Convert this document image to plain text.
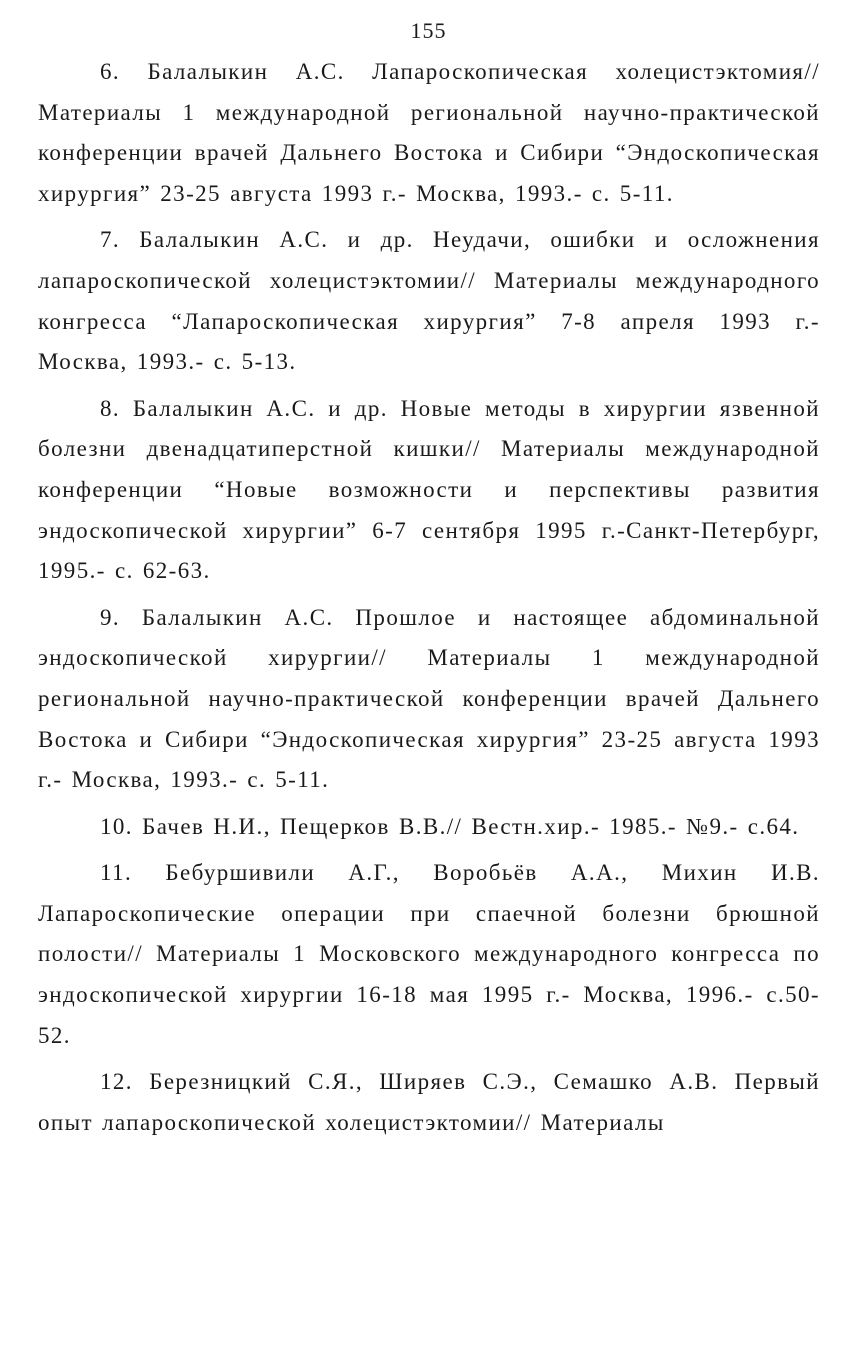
155

6. Балалыкин А.С. Лапароскопическая холецистэктомия// Материалы 1 международной региональной научно-практической конференции врачей Дальнего Востока и Сибири “Эндоскопическая хирургия” 23-25 августа 1993 г.- Москва, 1993.- с. 5-11.

7. Балалыкин А.С. и др. Неудачи, ошибки и осложнения лапароскопической холецистэктомии// Материалы международного конгресса “Лапароскопическая хирургия” 7-8 апреля 1993 г.- Москва, 1993.- с. 5-13.

8. Балалыкин А.С. и др. Новые методы в хирургии язвенной болезни двенадцатиперстной кишки// Материалы международной конференции “Новые возможности и перспективы развития эндоскопической хирургии” 6-7 сентября 1995 г.-Санкт-Петербург, 1995.- с. 62-63.

9. Балалыкин А.С. Прошлое и настоящее абдоминальной эндоскопической хирургии// Материалы 1 международной региональной научно-практической конференции врачей Дальнего Востока и Сибири “Эндоскопическая хирургия” 23-25 августа 1993 г.- Москва, 1993.- с. 5-11.

10. Бачев Н.И., Пещерков В.В.// Вестн.хир.- 1985.- №9.- с.64.

11. Бебуршивили А.Г., Воробьёв А.А., Михин И.В. Лапароскопические операции при спаечной болезни брюшной полости// Материалы 1 Московского международного конгресса по эндоскопической хирургии 16-18 мая 1995 г.- Москва, 1996.- с.50-52.

12. Березницкий С.Я., Ширяев С.Э., Семашко А.В. Первый опыт лапароскопической холецистэктомии// Материалы
